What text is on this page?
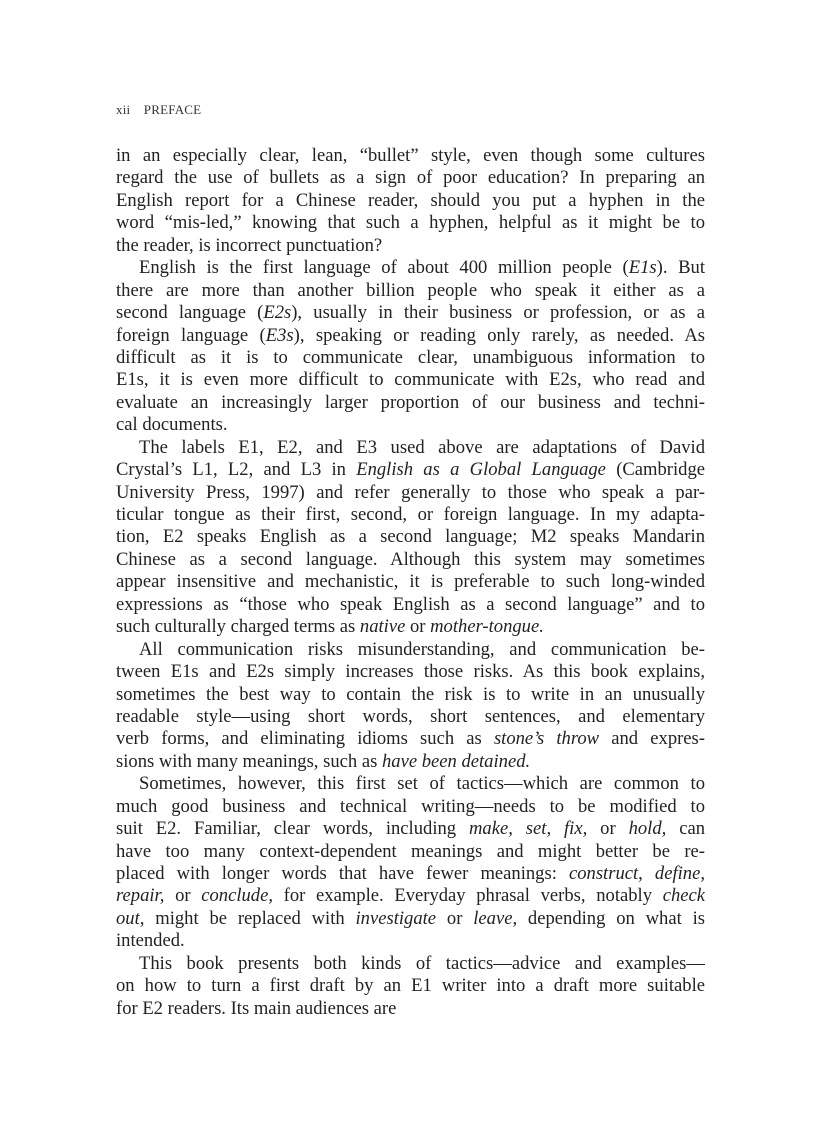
xii PREFACE
in an especially clear, lean, “bullet” style, even though some cultures
regard the use of bullets as a sign of poor education? In preparing an
English report for a Chinese reader, should you put a hyphen in the
word “mis-led,” knowing that such a hyphen, helpful as it might be to
the reader, is incorrect punctuation?
English is the first language of about 400 million people (E1s). But
there are more than another billion people who speak it either as a
second language (E2s), usually in their business or profession, or as a
foreign language (E3s), speaking or reading only rarely, as needed. As
difficult as it is to communicate clear, unambiguous information to
E1s, it is even more difficult to communicate with E2s, who read and
evaluate an increasingly larger proportion of our business and techni-
cal documents.
The labels E1, E2, and E3 used above are adaptations of David
Crystal’s L1, L2, and L3 in English as a Global Language (Cambridge
University Press, 1997) and refer generally to those who speak a par-
ticular tongue as their first, second, or foreign language. In my adapta-
tion, E2 speaks English as a second language; M2 speaks Mandarin
Chinese as a second language. Although this system may sometimes
appear insensitive and mechanistic, it is preferable to such long-winded
expressions as “those who speak English as a second language” and to
such culturally charged terms as native or mother-tongue.
All communication risks misunderstanding, and communication be-
tween E1s and E2s simply increases those risks. As this book explains,
sometimes the best way to contain the risk is to write in an unusually
readable style—using short words, short sentences, and elementary
verb forms, and eliminating idioms such as stone’s throw and expres-
sions with many meanings, such as have been detained.
Sometimes, however, this first set of tactics—which are common to
much good business and technical writing—needs to be modified to
suit E2. Familiar, clear words, including make, set, fix, or hold, can
have too many context-dependent meanings and might better be re-
placed with longer words that have fewer meanings: construct, define,
repair, or conclude, for example. Everyday phrasal verbs, notably check
out, might be replaced with investigate or leave, depending on what is
intended.
This book presents both kinds of tactics—advice and examples—
on how to turn a first draft by an E1 writer into a draft more suitable
for E2 readers. Its main audiences are
